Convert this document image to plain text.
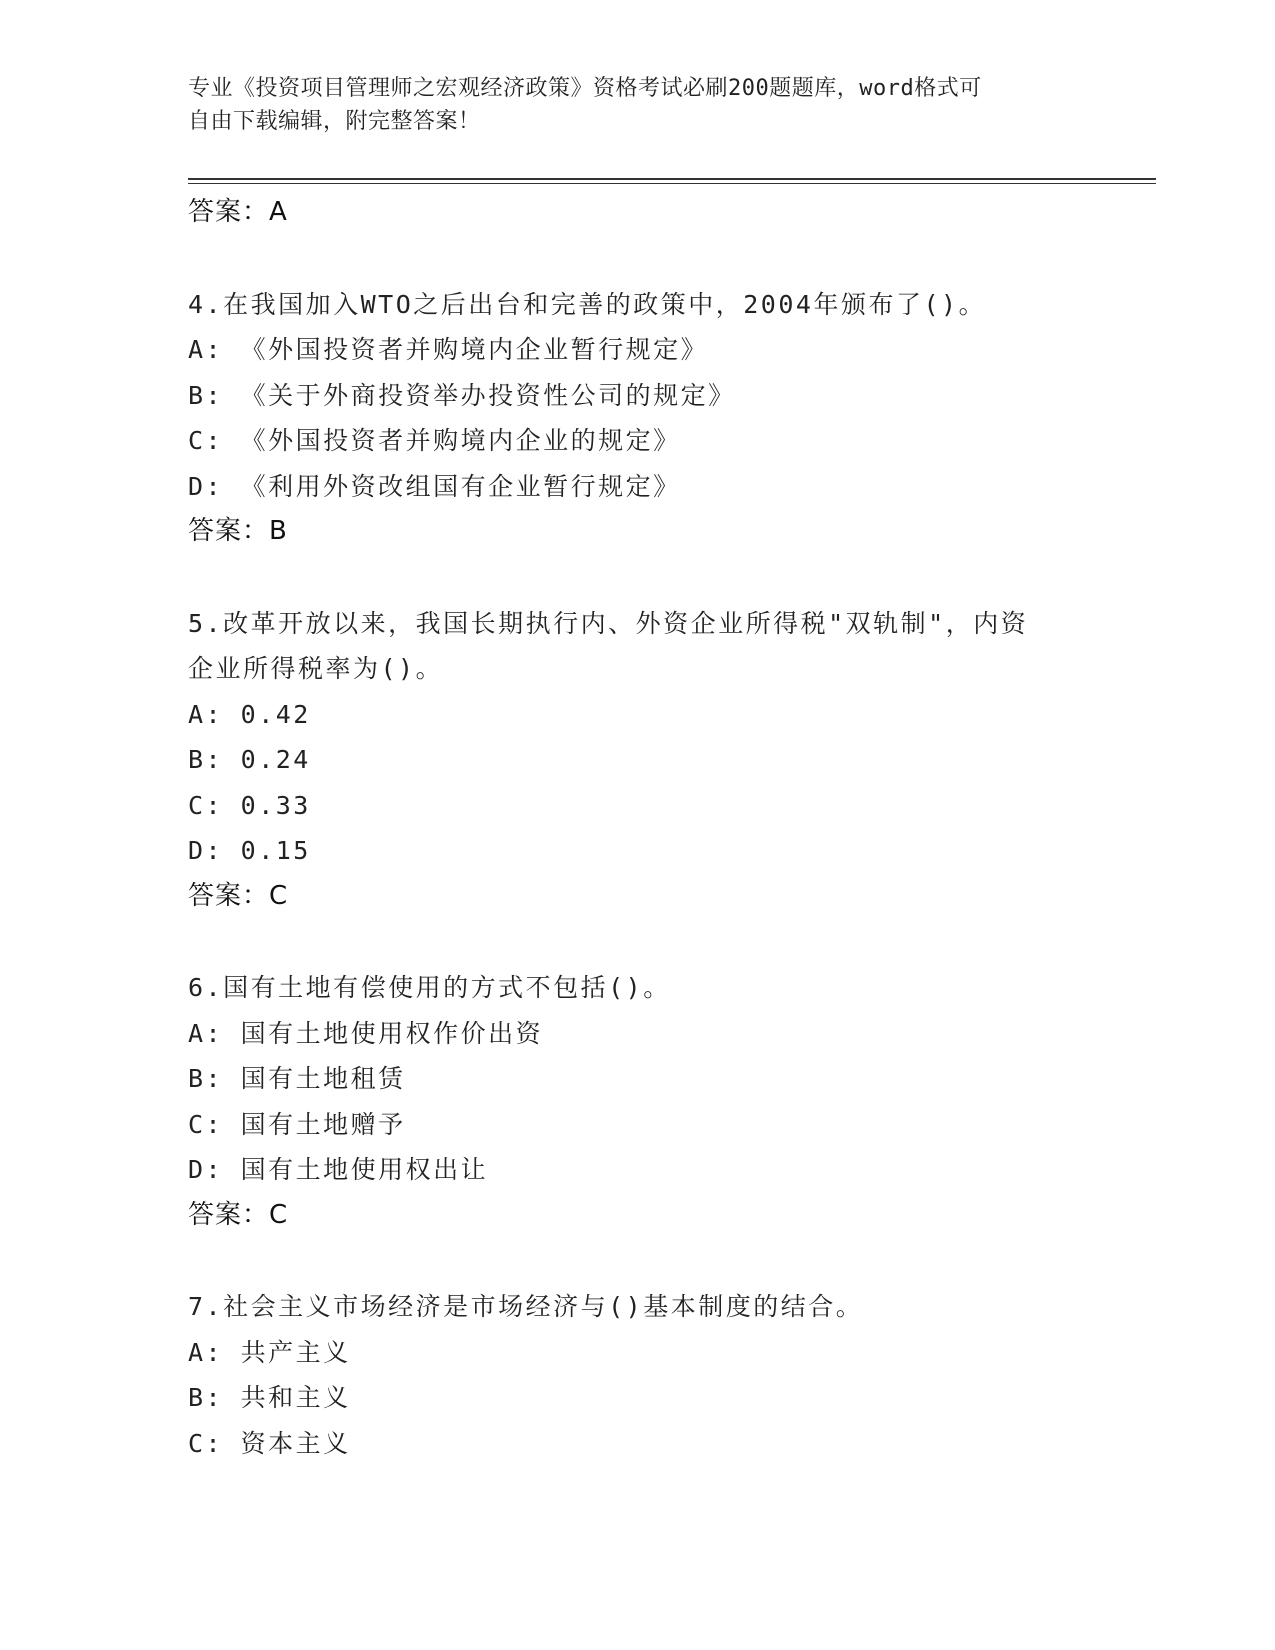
专业《投资项目管理师之宏观经济政策》资格考试必刷200题题库，word格式可
自由下载编辑，附完整答案！
答案：A
4.在我国加入WTO之后出台和完善的政策中，2004年颁布了()。
A: 《外国投资者并购境内企业暂行规定》
B: 《关于外商投资举办投资性公司的规定》
C: 《外国投资者并购境内企业的规定》
D: 《利用外资改组国有企业暂行规定》
答案：B
5.改革开放以来，我国长期执行内、外资企业所得税"双轨制"，内资
企业所得税率为()。
A: 0.42
B: 0.24
C: 0.33
D: 0.15
答案：C
6.国有土地有偿使用的方式不包括()。
A: 国有土地使用权作价出资
B: 国有土地租赁
C: 国有土地赠予
D: 国有土地使用权出让
答案：C
7.社会主义市场经济是市场经济与()基本制度的结合。
A: 共产主义
B: 共和主义
C: 资本主义
